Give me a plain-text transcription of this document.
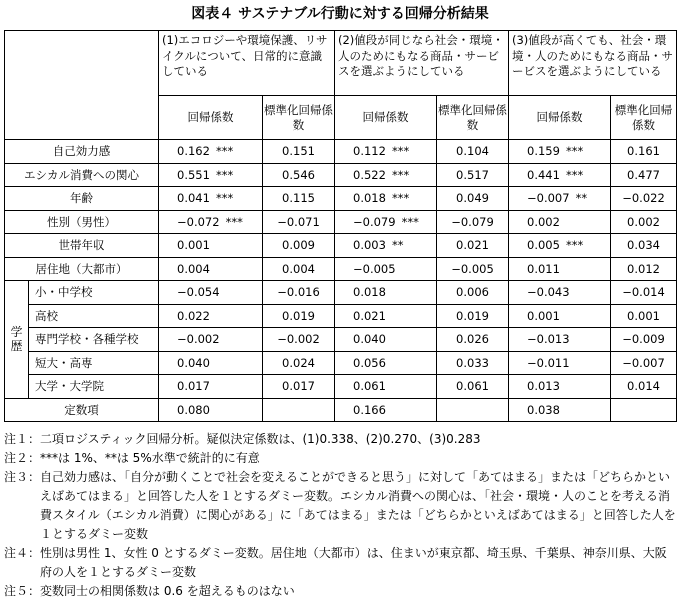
図表４ サステナブル行動に対する回帰分析結果
		(1)エコロジーや環境保護、リサイクルについて、日常的に意識している		(2)値段が同じなら社会・環境・人のためにもなる商品・サービスを選ぶようにしている		(3)値段が高くても、社会・環境・人のためにもなる商品・サービスを選ぶようにしている	
		回帰係数	標準化回帰係数	回帰係数	標準化回帰係数	回帰係数	標準化回帰係数
自己効力感		0.162 ***	0.151	0.112 ***	0.104	0.159 ***	0.161
エシカル消費への関心		0.551 ***	0.546	0.522 ***	0.517	0.441 ***	0.477
年齢		0.041 ***	0.115	0.018 ***	0.049	−0.007 **	−0.022
性別（男性）		−0.072 ***	−0.071	−0.079 ***	−0.079	0.002	0.002
世帯年収		0.001	0.009	0.003 **	0.021	0.005 ***	0.034
居住地（大都市）		0.004	0.004	−0.005	−0.005	0.011	0.012
学歴	小・中学校	−0.054	−0.016	0.018	0.006	−0.043	−0.014
	高校	0.022	0.019	0.021	0.019	0.001	0.001
	専門学校・各種学校	−0.002	−0.002	0.040	0.026	−0.013	−0.009
	短大・高専	0.040	0.024	0.056	0.033	−0.011	−0.007
	大学・大学院	0.017	0.017	0.061	0.061	0.013	0.014
定数項		0.080		0.166		0.038	
注１： 二項ロジスティック回帰分析。疑似決定係数は、(1)0.338、(2)0.270、(3)0.283
注２： ***は 1%、**は 5%水準で統計的に有意
注３： 自己効力感は、「自分が動くことで社会を変えることができると思う」に対して「あてはまる」または「どちらかといえばあてはまる」と回答した人を１とするダミー変数。エシカル消費への関心は、「社会・環境・人のことを考える消費スタイル（エシカル消費）に関心がある」に「あてはまる」または「どちらかといえばあてはまる」と回答した人を１とするダミー変数
注４： 性別は男性 1、女性 0 とするダミー変数。居住地（大都市）は、住まいが東京都、埼玉県、千葉県、神奈川県、大阪府の人を１とするダミー変数
注５： 変数同士の相関係数は 0.6 を超えるものはない
